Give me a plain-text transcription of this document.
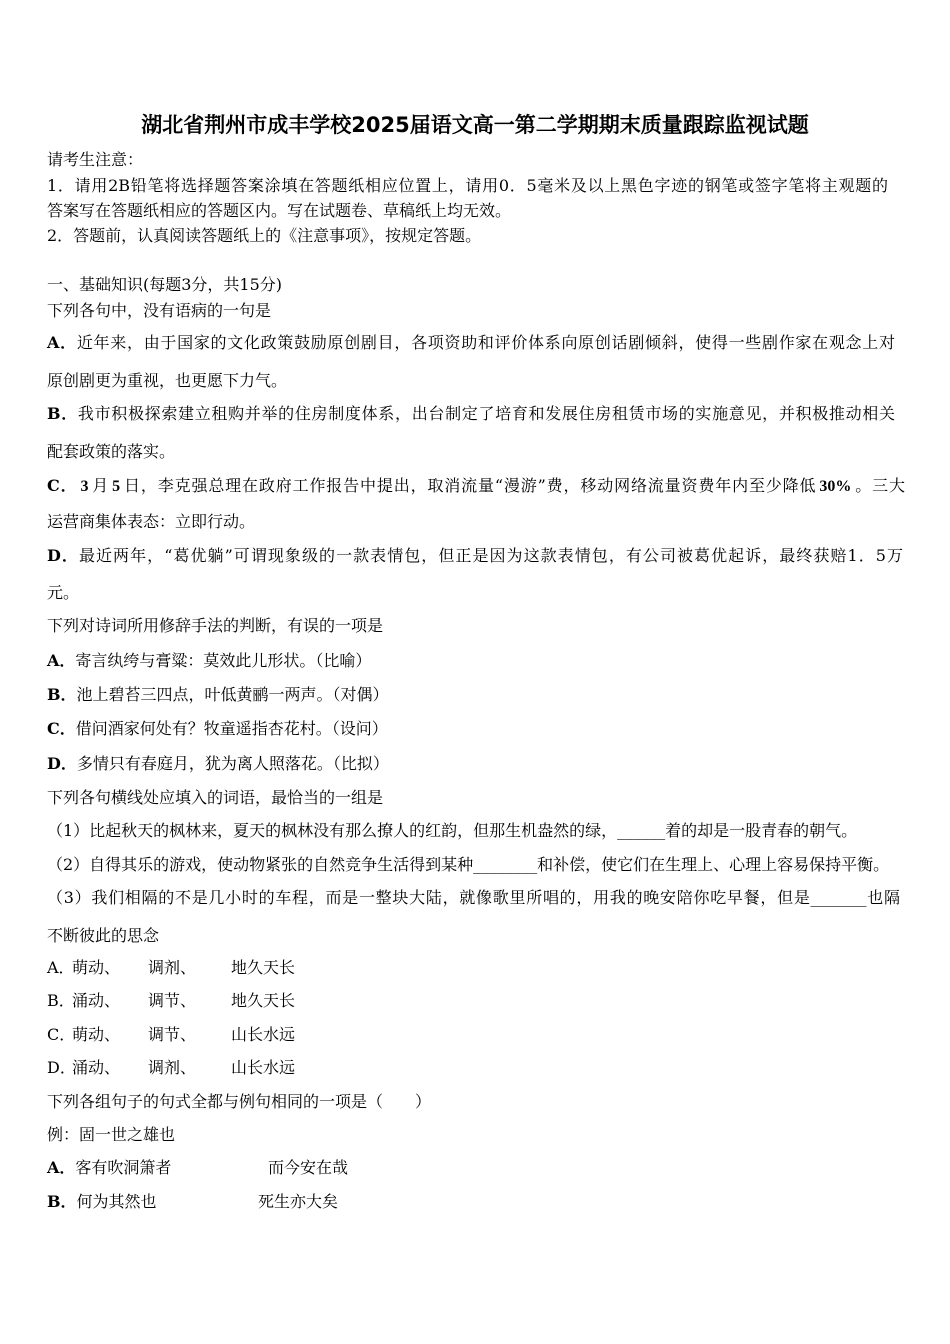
湖北省荆州市成丰学校2025届语文高一第二学期期末质量跟踪监视试题
请考生注意：
1．请用2B铅笔将选择题答案涂填在答题纸相应位置上，请用0．5毫米及以上黑色字迹的钢笔或签字笔将主观题的
答案写在答题纸相应的答题区内。写在试题卷、草稿纸上均无效。
2．答题前，认真阅读答题纸上的《注意事项》，按规定答题。
一、基础知识(每题3分，共15分)
下列各句中，没有语病的一句是
A．近年来，由于国家的文化政策鼓励原创剧目，各项资助和评价体系向原创话剧倾斜，使得一些剧作家在观念上对
原创剧更为重视，也更愿下力气。
B．我市积极探索建立租购并举的住房制度体系，出台制定了培育和发展住房租赁市场的实施意见，并积极推动相关
配套政策的落实。
C． 3 月 5 日，李克强总理在政府工作报告中提出，取消流量“漫游”费，移动网络流量资费年内至少降低 30% 。三大
运营商集体表态：立即行动。
D．最近两年，“葛优躺”可谓现象级的一款表情包，但正是因为这款表情包，有公司被葛优起诉，最终获赔1．5万
元。
下列对诗词所用修辞手法的判断，有误的一项是
A．寄言纨绔与膏粱：莫效此儿形状。（比喻）
B．池上碧苔三四点，叶低黄鹂一两声。（对偶）
C．借问酒家何处有？牧童遥指杏花村。（设问）
D．多情只有春庭月，犹为离人照落花。（比拟）
下列各句横线处应填入的词语，最恰当的一组是
（1）比起秋天的枫林来，夏天的枫林没有那么撩人的红韵，但那生机盎然的绿，______着的却是一股青春的朝气。
（2）自得其乐的游戏，使动物紧张的自然竞争生活得到某种________和补偿，使它们在生理上、心理上容易保持平衡。
（3）我们相隔的不是几小时的车程，而是一整块大陆，就像歌里所唱的，用我的晚安陪你吃早餐，但是_______也隔
不断彼此的思念
A．
萌动、 调剂、 地久天长
B．
涌动、 调节、 地久天长
C．
萌动、 调节、 山长水远
D．
涌动、 调剂、 山长水远
下列各组句子的句式全都与例句相同的一项是（　　）
例：固一世之雄也
A．客有吹洞箫者	而今安在哉
B．何为其然也	死生亦大矣
